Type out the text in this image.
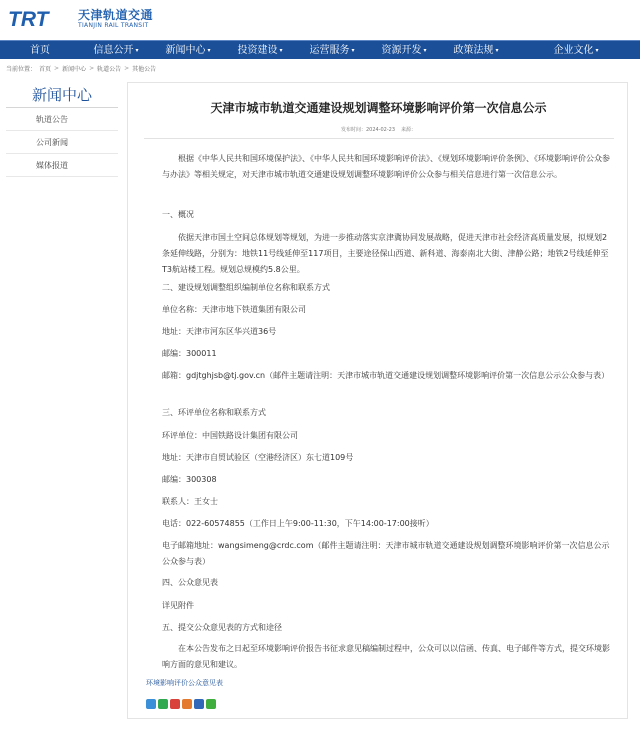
TRT 天津轨道交通
TIANJIN RAIL TRANSIT
首页	信息公开 ▾	新闻中心 ▾	投资建设 ▾	运营服务 ▾	资源开发 ▾	政策法规 ▾	企业文化 ▾
当前位置： 首页 > 新闻中心 > 轨道公告 > 其他公告
新闻中心
轨道公告
公司新闻
媒体报道
天津市城市轨道交通建设规划调整环境影响评价第一次信息公示
发布时间：2024-02-23 来源：
根据《中华人民共和国环境保护法》、《中华人民共和国环境影响评价法》、《规划环境影响评价条例》、《环境影响评价公众参与办法》等相关规定，对天津市城市轨道交通建设规划调整环境影响评价公众参与相关信息进行第一次信息公示。
一、概况
依据天津市国土空间总体规划等规划，为进一步推动落实京津冀协同发展战略，促进天津市社会经济高质量发展，拟规划2条延伸线路，分别为：地铁11号线延伸至117项目，主要途径保山西道、新科道、海泰南北大街、津静公路；地铁2号线延伸至T3航站楼工程。规划总规模约5.8公里。
二、建设规划调整组织编制单位名称和联系方式
单位名称：天津市地下铁道集团有限公司
地址：天津市河东区华兴道36号
邮编：300011
邮箱：gdjtghjsb@tj.gov.cn（邮件主题请注明：天津市城市轨道交通建设规划调整环境影响评价第一次信息公示公众参与表）
三、环评单位名称和联系方式
环评单位：中国铁路设计集团有限公司
地址：天津市自贸试验区（空港经济区）东七道109号
邮编：300308
联系人：王女士
电话：022-60574855（工作日上午9:00-11:30，下午14:00-17:00接听）
电子邮箱地址：wangsimeng@crdc.com（邮件主题请注明：天津市城市轨道交通建设规划调整环境影响评价第一次信息公示公众参与表）
四、公众意见表
详见附件
五、提交公众意见表的方式和途径
在本公告发布之日起至环境影响评价报告书征求意见稿编制过程中，公众可以以信函、传真、电子邮件等方式，提交环境影响方面的意见和建议。
环境影响评价公众意见表
